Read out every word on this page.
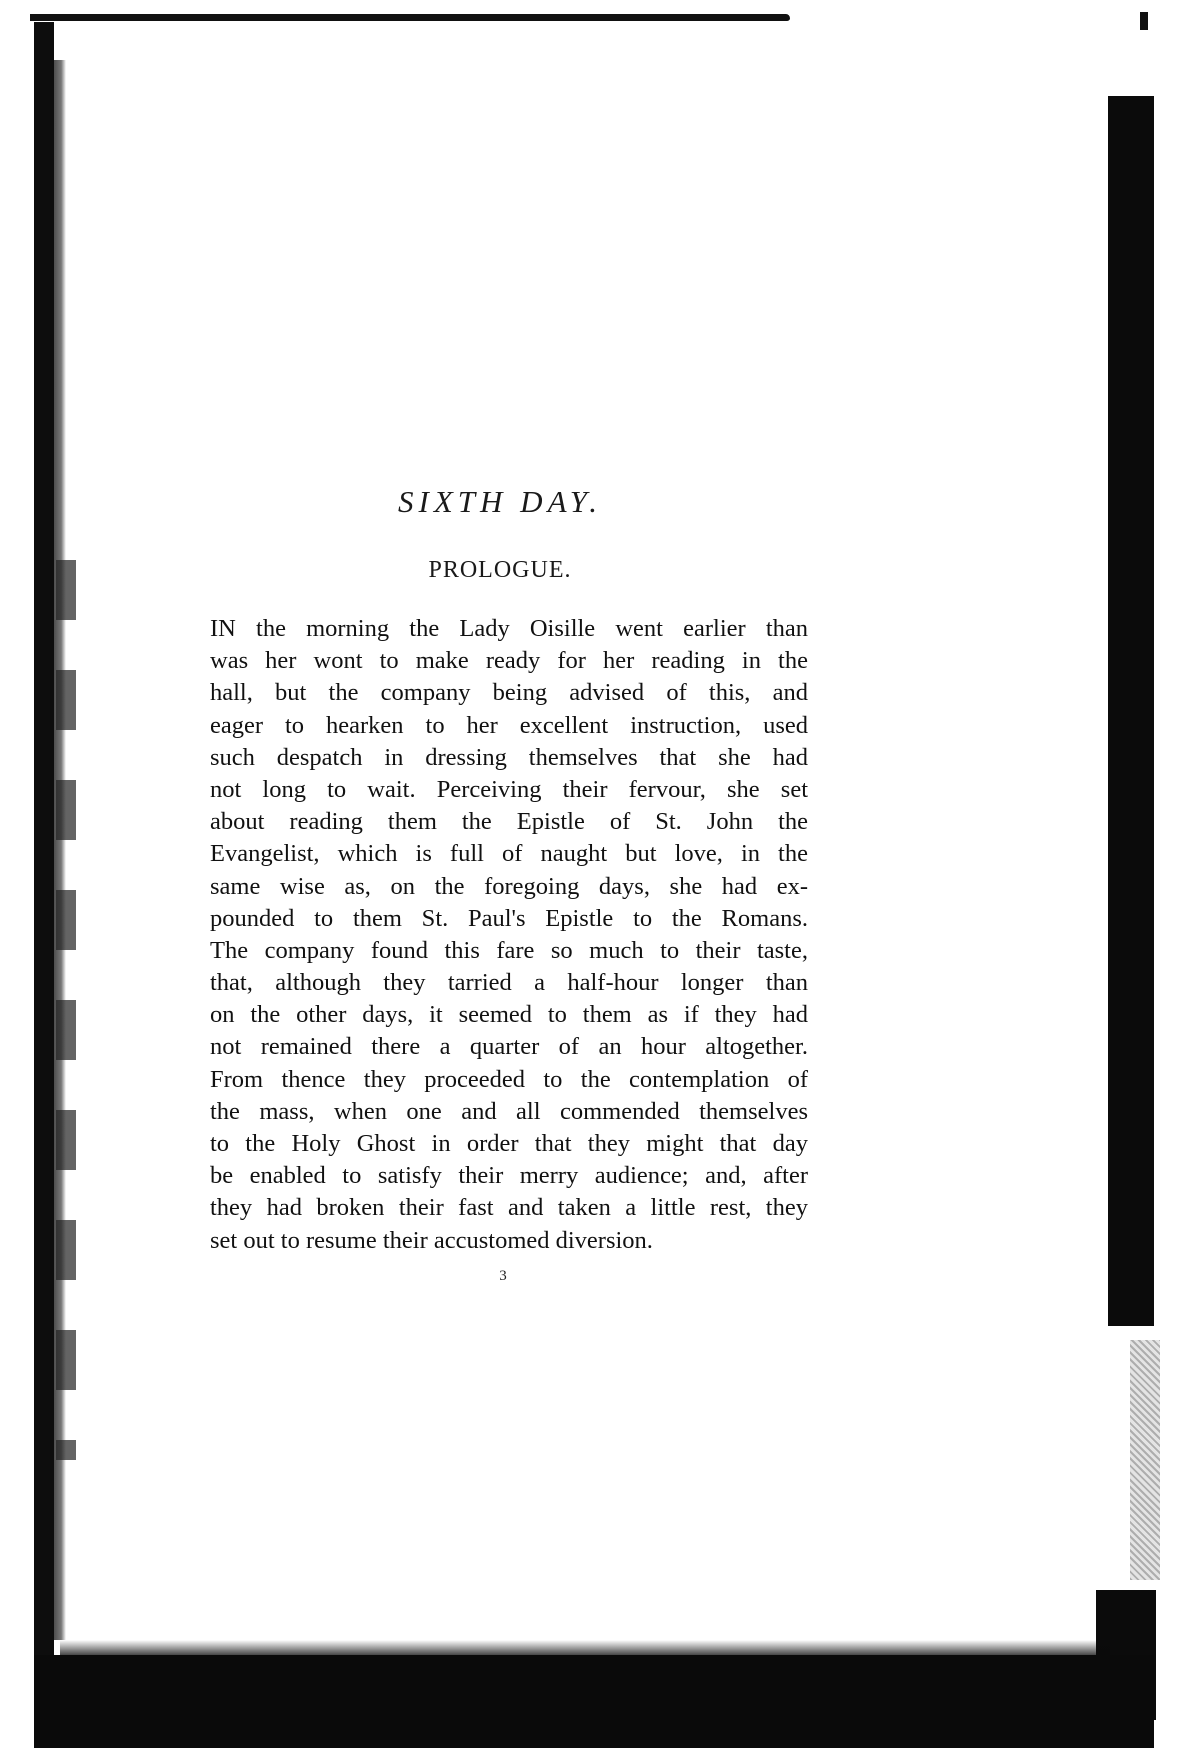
SIXTH DAY.
PROLOGUE.
IN the morning the Lady Oisille went earlier than
was her wont to make ready for her reading in the
hall, but the company being advised of this, and
eager to hearken to her excellent instruction, used
such despatch in dressing themselves that she had
not long to wait. Perceiving their fervour, she set
about reading them the Epistle of St. John the
Evangelist, which is full of naught but love, in the
same wise as, on the foregoing days, she had ex-
pounded to them St. Paul's Epistle to the Romans.
The company found this fare so much to their taste,
that, although they tarried a half-hour longer than
on the other days, it seemed to them as if they had
not remained there a quarter of an hour altogether.
From thence they proceeded to the contemplation of
the mass, when one and all commended themselves
to the Holy Ghost in order that they might that day
be enabled to satisfy their merry audience; and, after
they had broken their fast and taken a little rest, they
set out to resume their accustomed diversion.
3
